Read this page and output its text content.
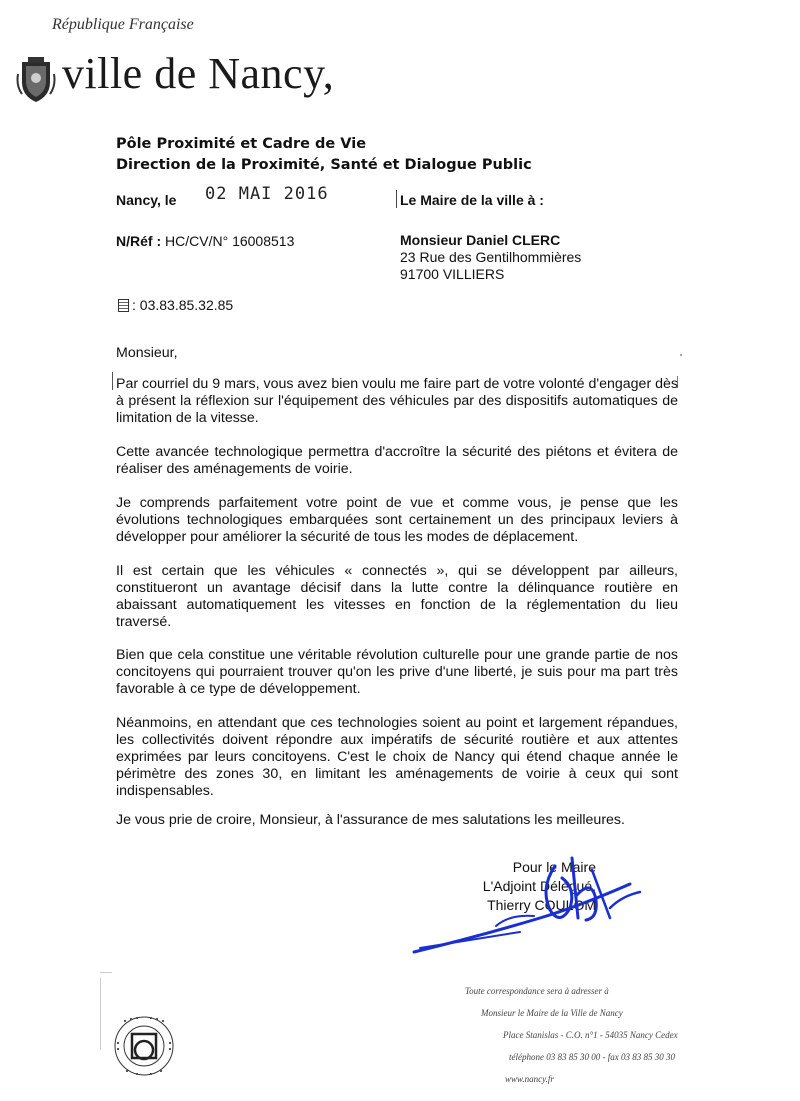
République Française
ville de Nancy,
Pôle Proximité et Cadre de Vie
Direction de la Proximité, Santé et Dialogue Public
Nancy, le 02 MAI 2016	Le Maire de la ville à :
N/Réf : HC/CV/N° 16008513	Monsieur Daniel CLERC
23 Rue des Gentilhommières
91700 VILLIERS
: 03.83.85.32.85
Monsieur,
Par courriel du 9 mars, vous avez bien voulu me faire part de votre volonté d'engager dès à présent la réflexion sur l'équipement des véhicules par des dispositifs automatiques de limitation de la vitesse.
Cette avancée technologique permettra d'accroître la sécurité des piétons et évitera de réaliser des aménagements de voirie.
Je comprends parfaitement votre point de vue et comme vous, je pense que les évolutions technologiques embarquées sont certainement un des principaux leviers à développer pour améliorer la sécurité de tous les modes de déplacement.
Il est certain que les véhicules « connectés », qui se développent par ailleurs, constitueront un avantage décisif dans la lutte contre la délinquance routière en abaissant automatiquement les vitesses en fonction de la réglementation du lieu traversé.
Bien que cela constitue une véritable révolution culturelle pour une grande partie de nos concitoyens qui pourraient trouver qu'on les prive d'une liberté, je suis pour ma part très favorable à ce type de développement.
Néanmoins, en attendant que ces technologies soient au point et largement répandues, les collectivités doivent répondre aux impératifs de sécurité routière et aux attentes exprimées par leurs concitoyens. C'est le choix de Nancy qui étend chaque année le périmètre des zones 30, en limitant les aménagements de voirie à ceux qui sont indispensables.
Je vous prie de croire, Monsieur, à l'assurance de mes salutations les meilleures.
Pour le Maire
L'Adjoint Délégué,
Thierry COULOM
Toute correspondance sera à adresser à
Monsieur le Maire de la Ville de Nancy
Place Stanislas - C.O. n°1 - 54035 Nancy Cedex
téléphone 03 83 85 30 00 - fax 03 83 85 30 30
www.nancy.fr
